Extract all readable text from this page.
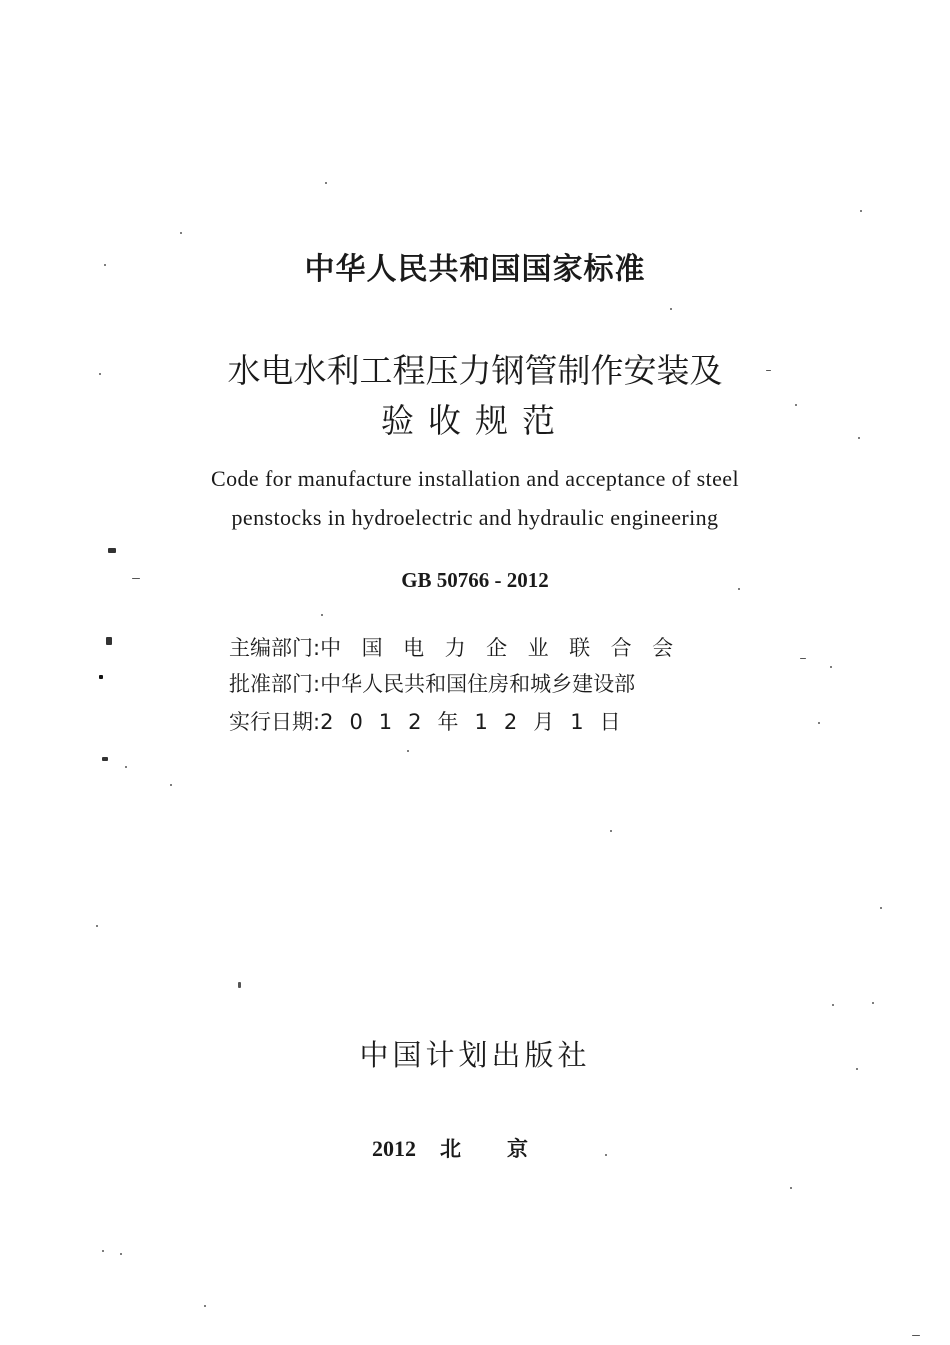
中华人民共和国国家标准
水电水利工程压力钢管制作安装及
验收规范
Code for manufacture installation and acceptance of steel
penstocks in hydroelectric and hydraulic engineering
GB 50766 - 2012
主编部门:中国电力企业联合会
批准部门:中华人民共和国住房和城乡建设部
实行日期:2012年12月1日
中国计划出版社
2012 北京
